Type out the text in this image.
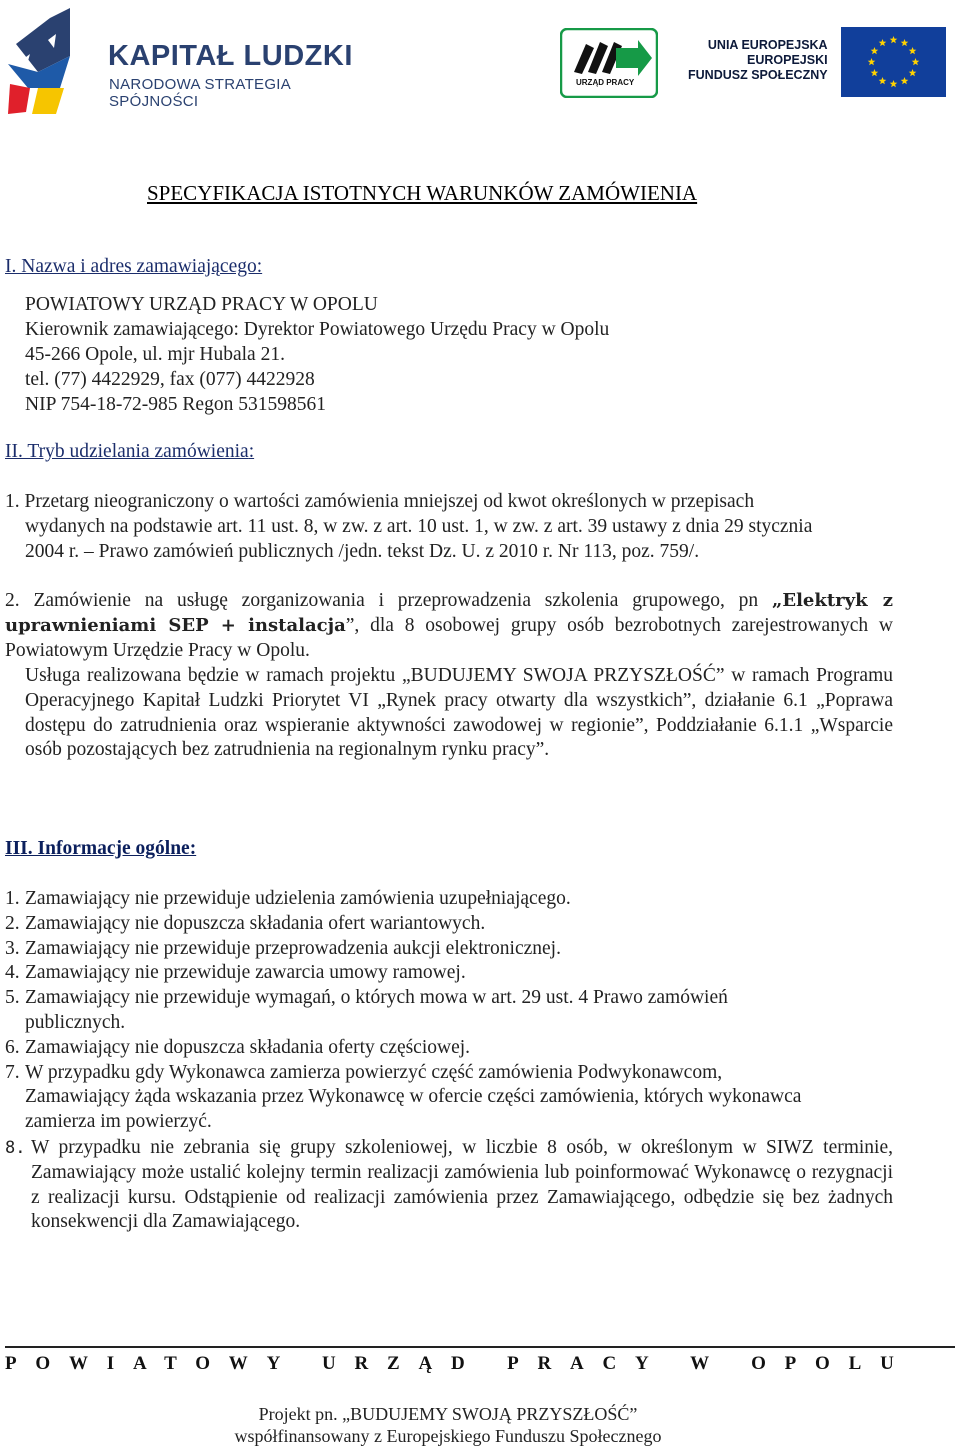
KAPITAŁ LUDZKI
NARODOWA STRATEGIA SPÓJNOŚCI
URZĄD PRACY
UNIA EUROPEJSKA
EUROPEJSKI
FUNDUSZ SPOŁECZNY
SPECYFIKACJA ISTOTNYCH WARUNKÓW ZAMÓWIENIA
I. Nazwa i adres zamawiającego:
POWIATOWY URZĄD PRACY W OPOLU
Kierownik zamawiającego: Dyrektor Powiatowego Urzędu Pracy w Opolu
45-266 Opole, ul. mjr Hubala 21.
tel. (77) 4422929, fax (077) 4422928
NIP 754-18-72-985 Regon 531598561
II. Tryb udzielania zamówienia:
1. Przetarg nieograniczony o wartości zamówienia mniejszej od kwot określonych w przepisach wydanych na podstawie art. 11 ust. 8, w zw. z art. 10 ust. 1, w zw. z art. 39 ustawy z dnia 29 stycznia 2004 r. – Prawo zamówień publicznych /jedn. tekst Dz. U. z 2010 r. Nr 113, poz. 759/.
2. Zamówienie na usługę zorganizowania i przeprowadzenia szkolenia grupowego, pn „Elektryk z uprawnieniami SEP + instalacja”, dla 8 osobowej grupy osób bezrobotnych zarejestrowanych w Powiatowym Urzędzie Pracy w Opolu.
Usługa realizowana będzie w ramach projektu „BUDUJEMY SWOJA PRZYSZŁOŚĆ” w ramach Programu Operacyjnego Kapitał Ludzki Priorytet VI „Rynek pracy otwarty dla wszystkich”, działanie 6.1 „Poprawa dostępu do zatrudnienia oraz wspieranie aktywności zawodowej w regionie”, Poddziałanie 6.1.1 „Wsparcie osób pozostających bez zatrudnienia na regionalnym rynku pracy”.
III. Informacje ogólne:
1. Zamawiający nie przewiduje udzielenia zamówienia uzupełniającego.
2. Zamawiający nie dopuszcza składania ofert wariantowych.
3. Zamawiający nie przewiduje przeprowadzenia aukcji elektronicznej.
4. Zamawiający nie przewiduje zawarcia umowy ramowej.
5. Zamawiający nie przewiduje wymagań, o których mowa w art. 29 ust. 4 Prawo zamówień publicznych.
6. Zamawiający nie dopuszcza składania oferty częściowej.
7. W przypadku gdy Wykonawca zamierza powierzyć część zamówienia Podwykonawcom, Zamawiający żąda wskazania przez Wykonawcę w ofercie części zamówienia, których wykonawca zamierza im powierzyć.
8. W przypadku nie zebrania się grupy szkoleniowej, w liczbie 8 osób, w określonym w SIWZ terminie, Zamawiający może ustalić kolejny termin realizacji zamówienia lub poinformować Wykonawcę o rezygnacji z realizacji kursu. Odstąpienie od realizacji zamówienia przez Zamawiającego, odbędzie się bez żadnych konsekwencji dla Zamawiającego.
POWIATOWY URZĄD PRACY W OPOLU
Projekt pn. „BUDUJEMY SWOJĄ PRZYSZŁOŚĆ”
współfinansowany z Europejskiego Funduszu Społecznego
